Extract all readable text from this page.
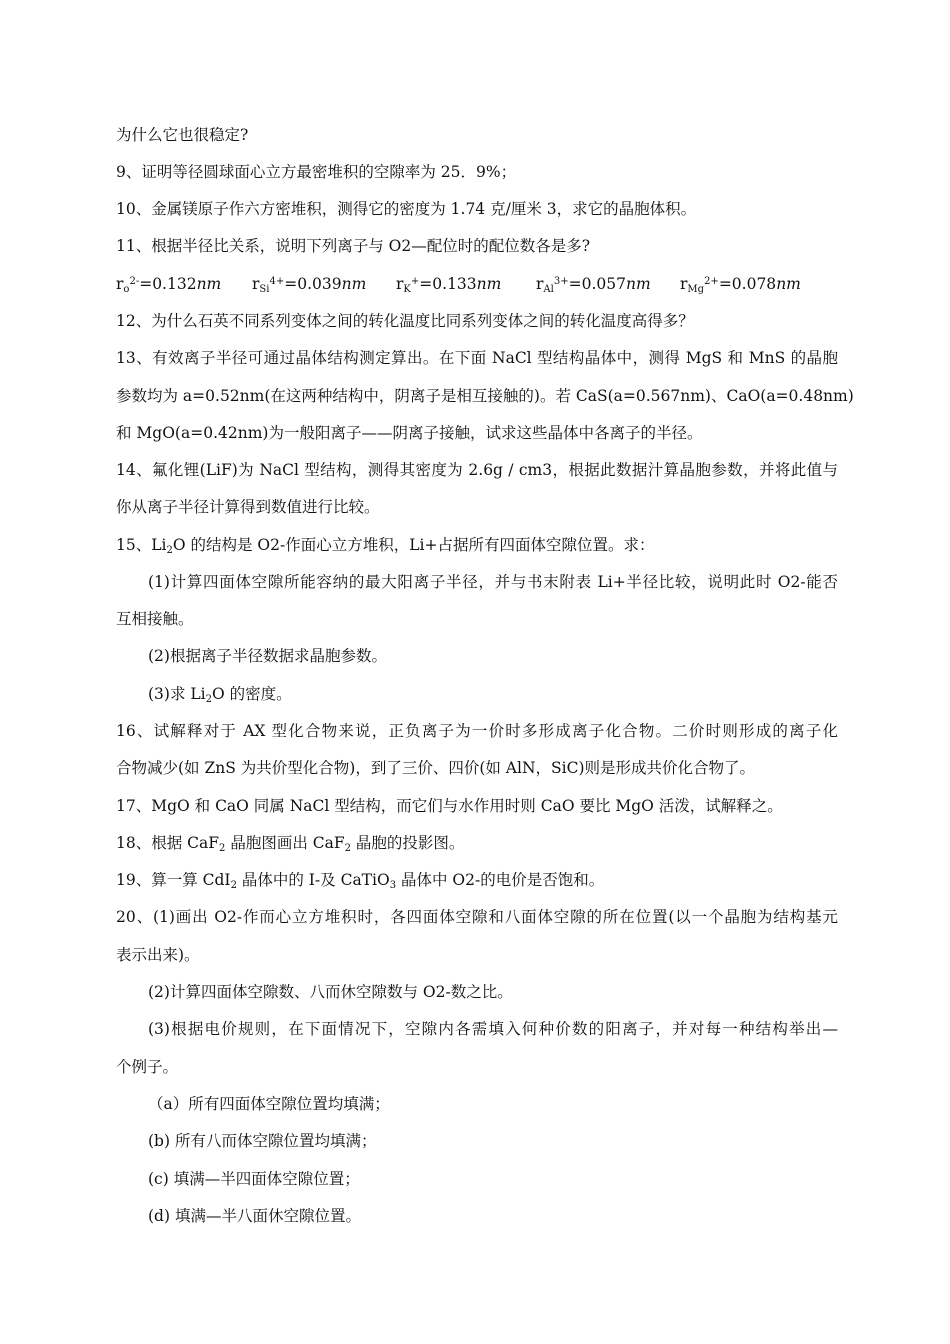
为什么它也很稳定?
9、证明等径圆球面心立方最密堆积的空隙率为 25．9%；
10、金属镁原子作六方密堆积，测得它的密度为 1.74 克/厘米 3，求它的晶胞体积。
11、根据半径比关系，说明下列离子与 O2—配位时的配位数各是多?
$r_o^{2-}=0.132nm$ $r_{Si}^{4+}=0.039nm$ $r_K^+=0.133nm$ $r_{Al}^{3+}=0.057nm$ $r_{Mg}^{2+}=0.078nm$
12、为什么石英不同系列变体之间的转化温度比同系列变体之间的转化温度高得多？
13、有效离子半径可通过晶体结构测定算出。在下面 NaCl 型结构晶体中，测得 MgS 和 MnS 的晶胞
参数均为 a=0.52nm(在这两种结构中，阴离子是相互接触的)。若 CaS(a=0.567nm)、CaO(a=0.48nm)
和 MgO(a=0.42nm)为一般阳离子——阴离子接触，试求这些晶体中各离子的半径。
14、氟化锂(LiF)为 NaCl 型结构，测得其密度为 2.6g / cm3，根据此数据汁算晶胞参数，并将此值与
你从离子半径计算得到数值进行比较。
15、$Li_2O$ 的结构是 O2-作面心立方堆积，Li+占据所有四面体空隙位置。求：
(1)计算四面体空隙所能容纳的最大阳离子半径，并与书末附表 Li+半径比较，说明此时 O2-能否
互相接触。
(2)根据离子半径数据求晶胞参数。
(3)求 $Li_2O$ 的密度。
16、试解释对于 AX 型化合物来说，正负离子为一价时多形成离子化合物。二价时则形成的离子化
合物减少(如 ZnS 为共价型化合物)，到了三价、四价(如 AlN，SiC)则是形成共价化合物了。
17、MgO 和 CaO 同属 NaCl 型结构，而它们与水作用时则 CaO 要比 MgO 活泼，试解释之。
18、根据 CaF$_2$ 晶胞图画出 CaF$_2$ 晶胞的投影图。
19、算一算 CdI$_2$ 晶体中的 I-及 CaTiO$_3$ 晶体中 O2-的电价是否饱和。
20、(1)画出 O2-作而心立方堆积时，各四面体空隙和八面体空隙的所在位置(以一个晶胞为结构基元
表示出来)。
(2)计算四面体空隙数、八而休空隙数与 O2-数之比。
(3)根据电价规则，在下面情况下，空隙内各需填入何种价数的阳离子，并对每一种结构举出—
个例子。
（a）所有四面体空隙位置均填满；
(b) 所有八而体空隙位置均填满；
(c) 填满—半四面体空隙位置；
(d) 填满—半八面休空隙位置。
